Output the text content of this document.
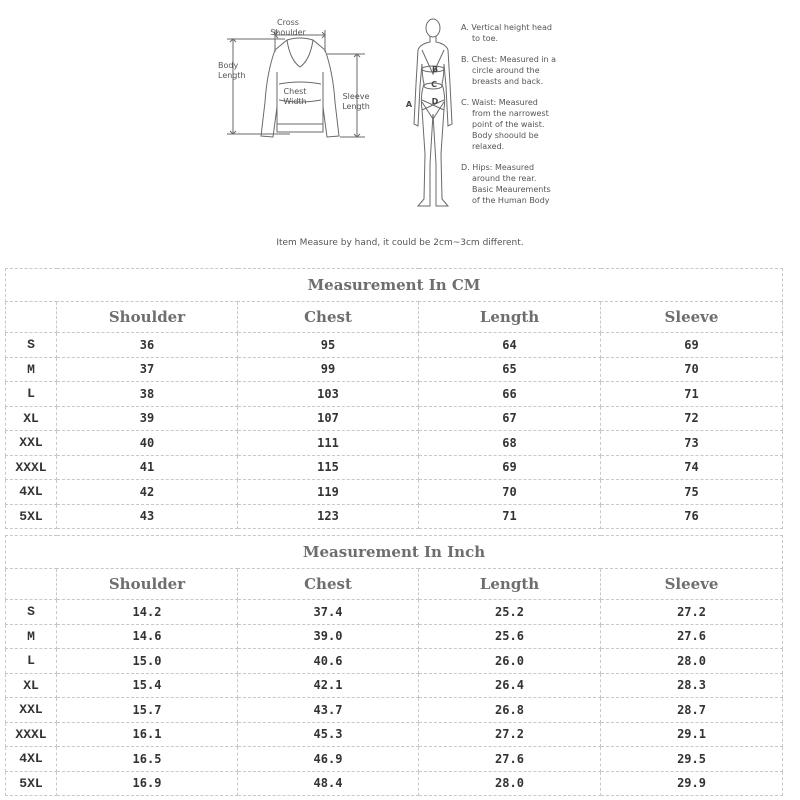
Cross
Shoulder
Body
Length
Chest
Width
Sleeve
Length	A
B
C
D
A. Vertical height head
to toe.
B. Chest: Measured in a
circle around the
breasts and back.
C. Waist: Measured
from the narrowest
point of the waist.
Body shoould be
relaxed.
D. Hips: Measured
around the rear.
Basic Meaurements
of the Human Body
Item Measure by hand, it could be 2cm~3cm different.
Measurement In CM				
	Shoulder	Chest	Length	Sleeve
S	36	95	64	69
M	37	99	65	70
L	38	103	66	71
XL	39	107	67	72
XXL	40	111	68	73
XXXL	41	115	69	74
4XL	42	119	70	75
5XL	43	123	71	76
Measurement In Inch				
	Shoulder	Chest	Length	Sleeve
S	14.2	37.4	25.2	27.2
M	14.6	39.0	25.6	27.6
L	15.0	40.6	26.0	28.0
XL	15.4	42.1	26.4	28.3
XXL	15.7	43.7	26.8	28.7
XXXL	16.1	45.3	27.2	29.1
4XL	16.5	46.9	27.6	29.5
5XL	16.9	48.4	28.0	29.9
